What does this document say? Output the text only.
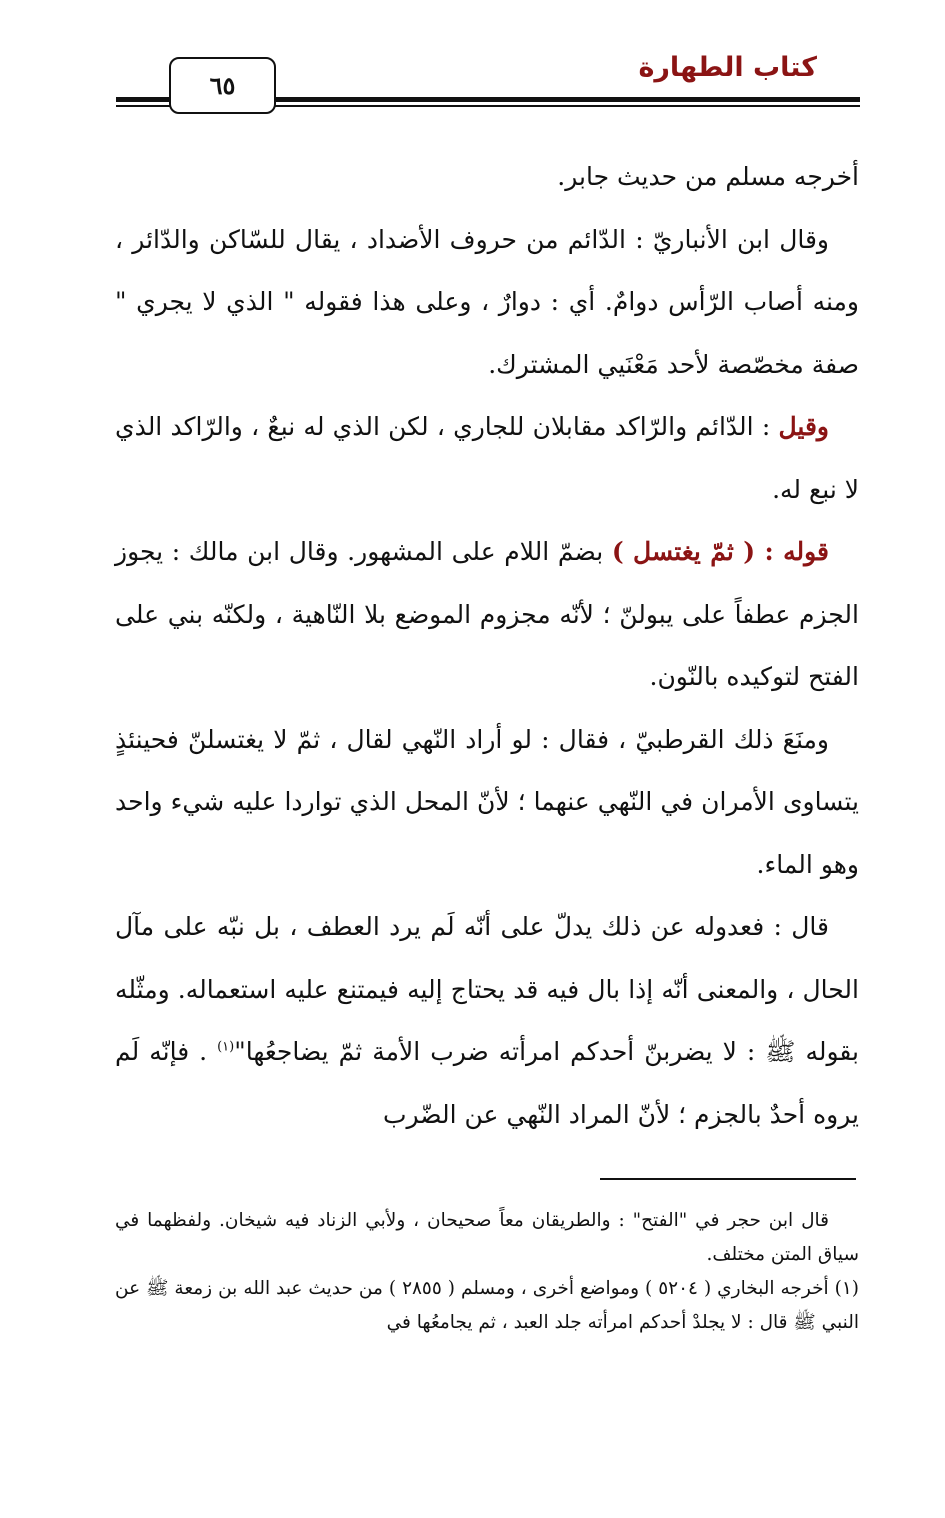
كتاب الطهارة
٦٥

أخرجه مسلم من حديث جابر.

وقال ابن الأنباريّ : الدّائم من حروف الأضداد ، يقال للسّاكن والدّائر ، ومنه أصاب الرّأس دوامٌ. أي : دوارٌ ، وعلى هذا فقوله " الذي لا يجري " صفة مخصّصة لأحد مَعْنَيي المشترك.

وقيل : الدّائم والرّاكد مقابلان للجاري ، لكن الذي له نبعٌ ، والرّاكد الذي لا نبع له.

قوله : ( ثمّ يغتسل ) بضمّ اللام على المشهور. وقال ابن مالك : يجوز الجزم عطفاً على يبولنّ ؛ لأنّه مجزوم الموضع بلا النّاهية ، ولكنّه بني على الفتح لتوكيده بالنّون.

ومنَعَ ذلك القرطبيّ ، فقال : لو أراد النّهي لقال ، ثمّ لا يغتسلنّ فحينئذٍ يتساوى الأمران في النّهي عنهما ؛ لأنّ المحل الذي تواردا عليه شيء واحد وهو الماء.

قال : فعدوله عن ذلك يدلّ على أنّه لَم يرد العطف ، بل نبّه على مآل الحال ، والمعنى أنّه إذا بال فيه قد يحتاج إليه فيمتنع عليه استعماله. ومثّله بقوله ﷺ : لا يضربنّ أحدكم امرأته ضرب الأمة ثمّ يضاجعُها"$^{(١)}$ . فإنّه لَم يروه أحدٌ بالجزم ؛ لأنّ المراد النّهي عن الضّرب

قال ابن حجر في "الفتح" : والطريقان معاً صحيحان ، ولأبي الزناد فيه شيخان. ولفظهما في سياق المتن مختلف.

(١) أخرجه البخاري ( ٥٢٠٤ ) ومواضع أخرى ، ومسلم ( ٢٨٥٥ ) من حديث عبد الله بن زمعة ﷺ عن النبي ﷺ قال : لا يجلدْ أحدكم امرأته جلد العبد ، ثم يجامعُها في
